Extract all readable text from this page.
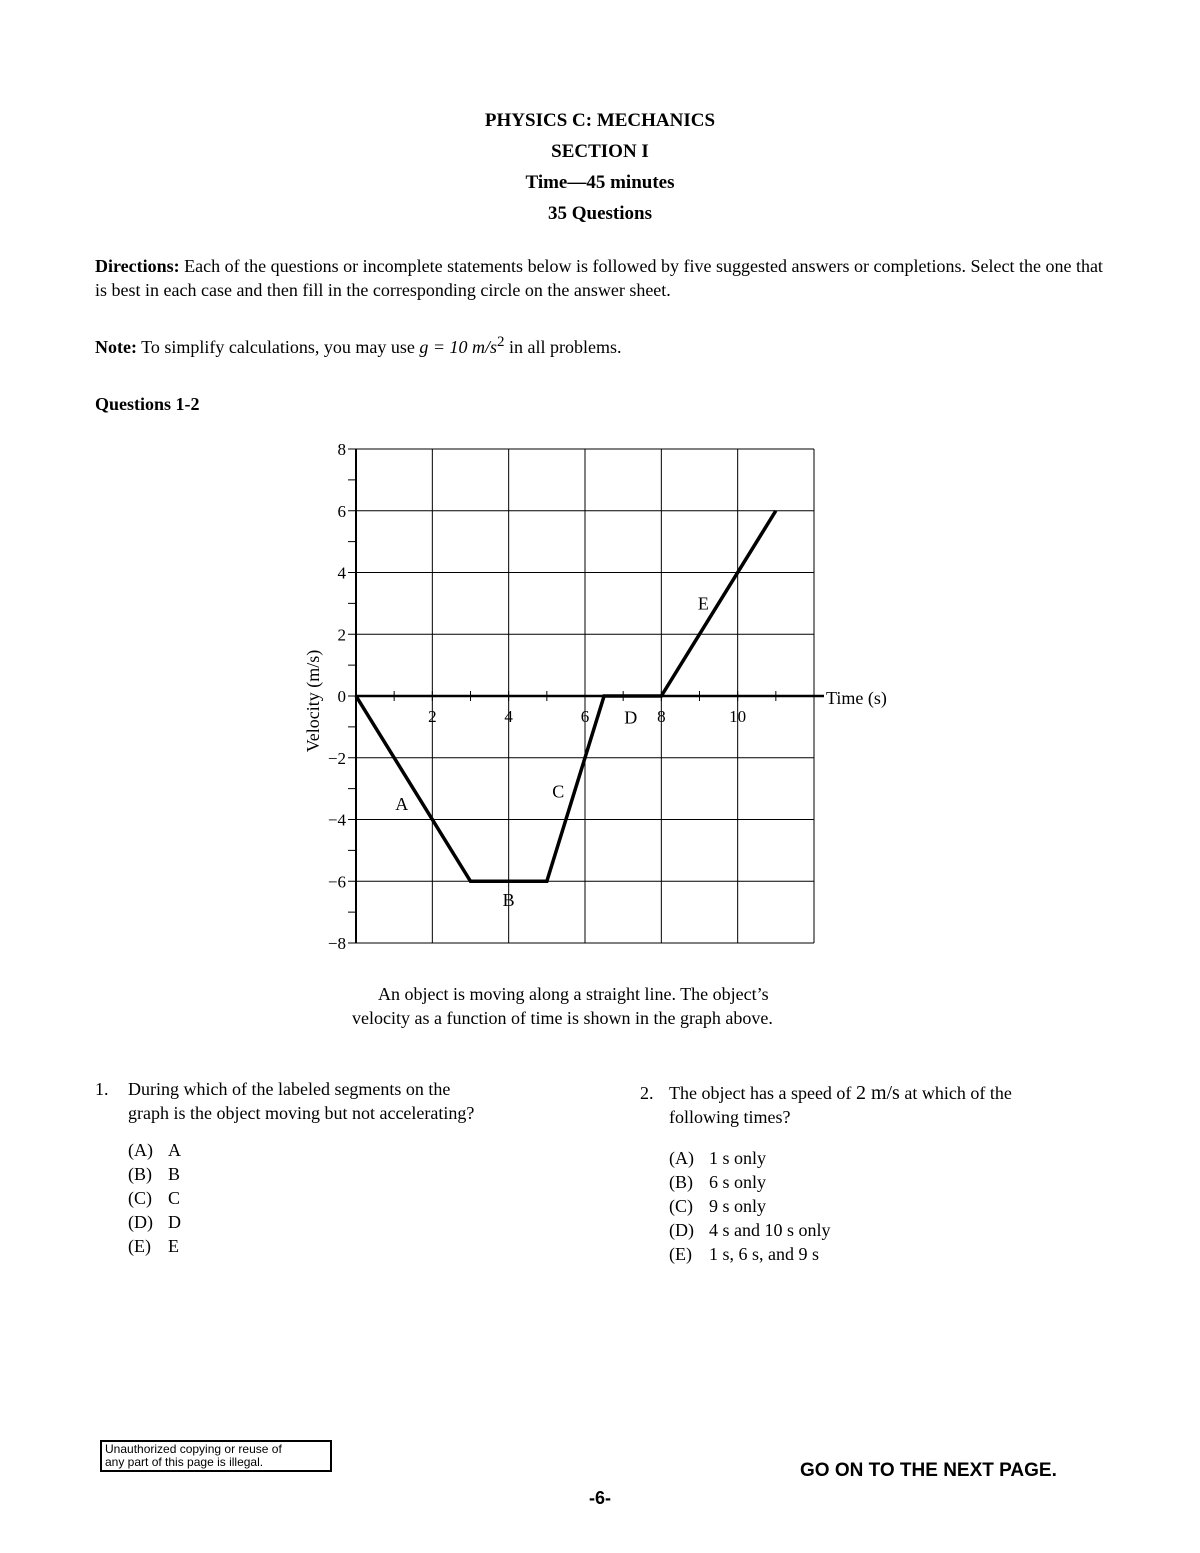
PHYSICS C: MECHANICS
SECTION I
Time—45 minutes
35 Questions
Directions: Each of the questions or incomplete statements below is followed by five suggested answers or completions. Select the one that is best in each case and then fill in the corresponding circle on the answer sheet.
Note: To simplify calculations, you may use g = 10 $m/s^2$ in all problems.
Questions 1-2
8
6
4
2
0
−2
−4
−6
−8
2	4	6	8	10
Time (s)
Velocity (m/s)
A
B
C
D
E
An object is moving along a straight line. The object’s velocity as a function of time is shown in the graph above.
1. During which of the labeled segments on the
graph is the object moving but not accelerating?
(A) A
(B) B
(C) C
(D) D
(E) E
2. The object has a speed of 2 m/s at which of the
following times?
(A) 1 s only
(B) 6 s only
(C) 9 s only
(D) 4 s and 10 s only
(E) 1 s, 6 s, and 9 s
Unauthorized copying or reuse of
any part of this page is illegal.	GO ON TO THE NEXT PAGE.
-6-
